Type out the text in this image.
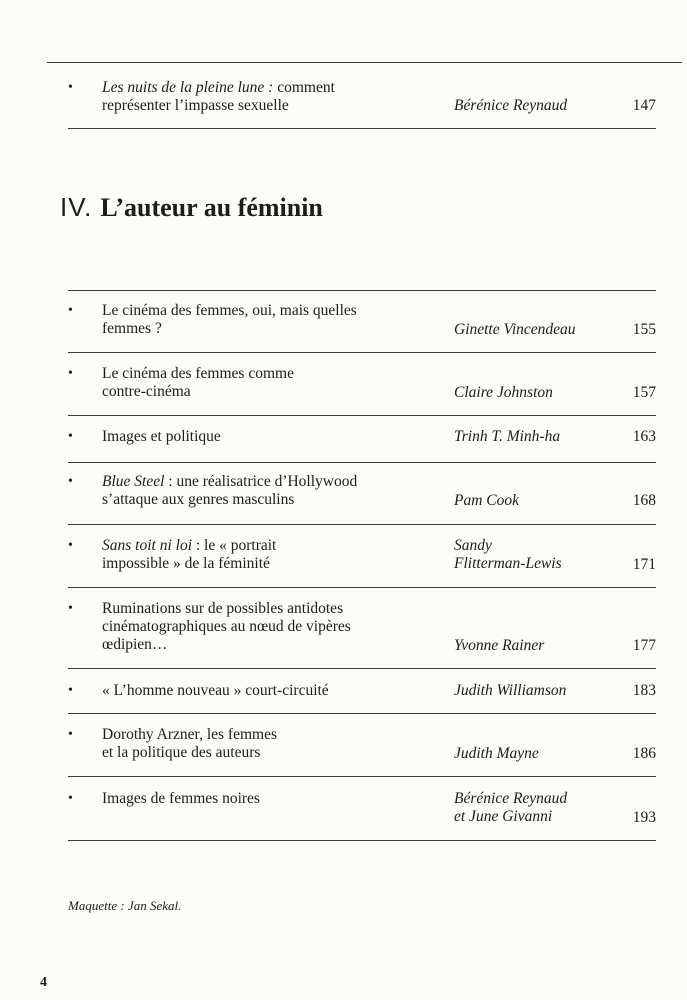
• Les nuits de la pleine lune : comment
représenter l’impasse sexuelle	Bérénice Reynaud	147
IV. L’auteur au féminin
• Le cinéma des femmes, oui, mais quelles
femmes ?	Ginette Vincendeau	155
• Le cinéma des femmes comme
contre-cinéma	Claire Johnston	157
• Images et politique	Trinh T. Minh-ha	163
• Blue Steel : une réalisatrice d’Hollywood
s’attaque aux genres masculins	Pam Cook	168
• Sans toit ni loi : le « portrait
impossible » de la féminité
Sandy
Flitterman-Lewis	171
• Ruminations sur de possibles antidotes
cinématographiques au nœud de vipères
œdipien…	Yvonne Rainer	177
• « L’homme nouveau » court-circuité	Judith Williamson	183
• Dorothy Arzner, les femmes
et la politique des auteurs	Judith Mayne	186
• Images de femmes noires	Bérénice Reynaud
et June Givanni	193
Maquette : Jan Sekal.
4
